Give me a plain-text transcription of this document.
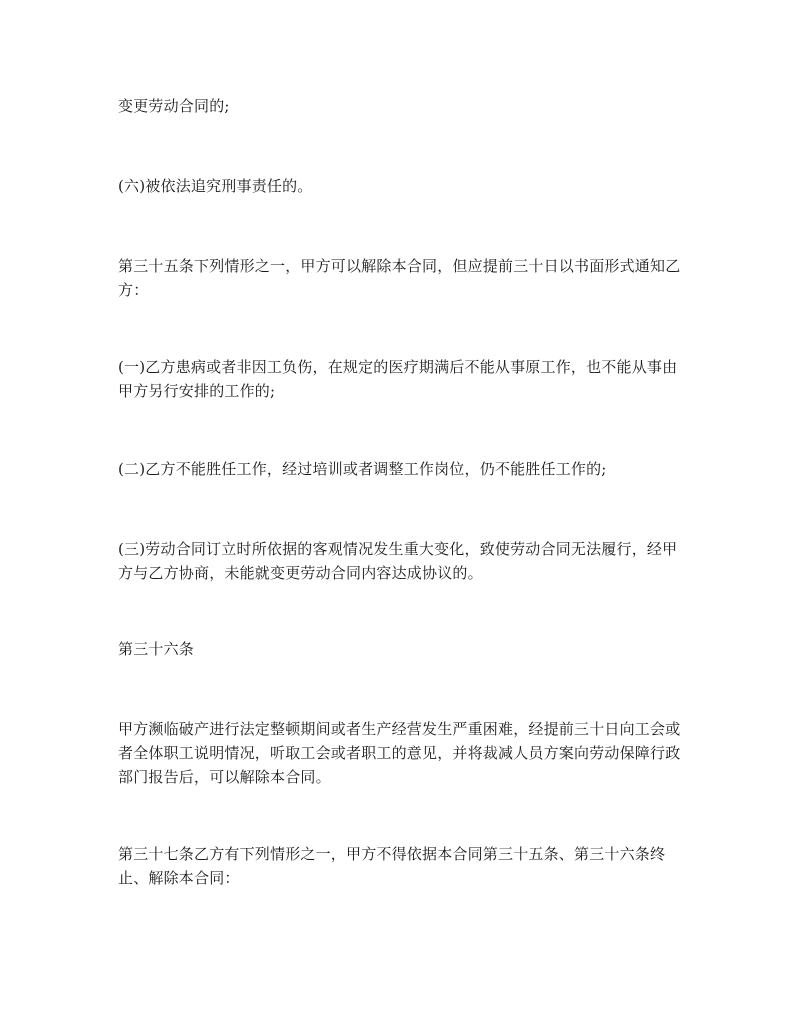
变更劳动合同的;

(六)被依法追究刑事责任的。

第三十五条下列情形之一，甲方可以解除本合同，但应提前三十日以书面形式通知乙方：

(一)乙方患病或者非因工负伤，在规定的医疗期满后不能从事原工作，也不能从事由甲方另行安排的工作的;

(二)乙方不能胜任工作，经过培训或者调整工作岗位，仍不能胜任工作的;

(三)劳动合同订立时所依据的客观情况发生重大变化，致使劳动合同无法履行，经甲方与乙方协商，未能就变更劳动合同内容达成协议的。

第三十六条

甲方濒临破产进行法定整顿期间或者生产经营发生严重困难，经提前三十日向工会或者全体职工说明情况，听取工会或者职工的意见，并将裁减人员方案向劳动保障行政部门报告后，可以解除本合同。

第三十七条乙方有下列情形之一，甲方不得依据本合同第三十五条、第三十六条终止、解除本合同：
